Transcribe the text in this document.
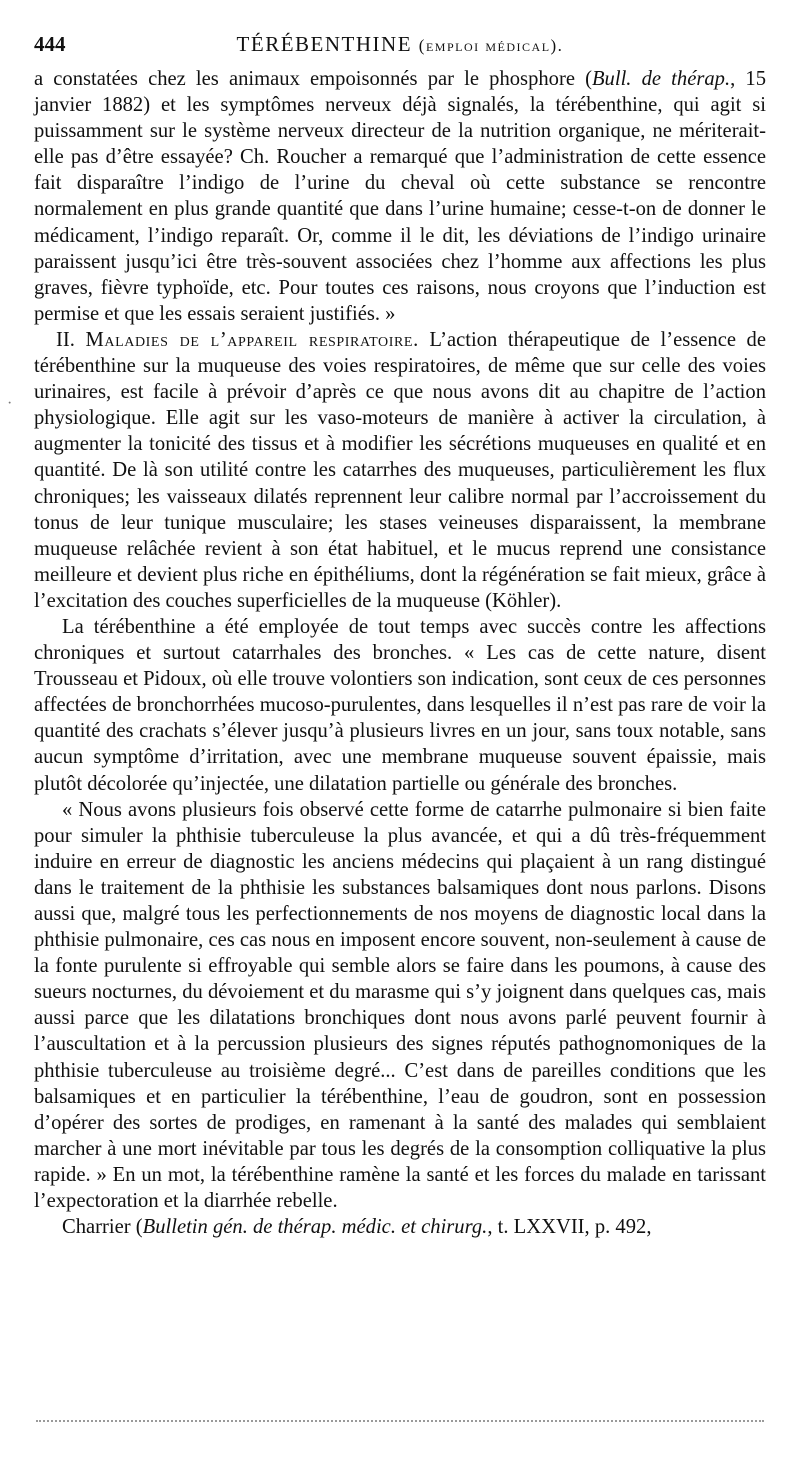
444	TÉRÉBENTHINE (emploi médical).
·

a constatées chez les animaux empoisonnés par le phosphore (Bull. de thérap., 15 janvier 1882) et les symptômes nerveux déjà signalés, la térébenthine, qui agit si puissamment sur le système nerveux directeur de la nutrition organique, ne mériterait-elle pas d’être essayée? Ch. Roucher a remarqué que l’administration de cette essence fait disparaître l’indigo de l’urine du cheval où cette substance se rencontre normalement en plus grande quantité que dans l’urine humaine; cesse-t-on de donner le médicament, l’indigo reparaît. Or, comme il le dit, les déviations de l’indigo urinaire paraissent jusqu’ici être très-souvent associées chez l’homme aux affections les plus graves, fièvre typhoïde, etc. Pour toutes ces raisons, nous croyons que l’induction est permise et que les essais seraient justifiés. »

II. Maladies de l’appareil respiratoire. L’action thérapeutique de l’essence de térébenthine sur la muqueuse des voies respiratoires, de même que sur celle des voies urinaires, est facile à prévoir d’après ce que nous avons dit au chapitre de l’action physiologique. Elle agit sur les vaso-moteurs de manière à activer la circulation, à augmenter la tonicité des tissus et à modifier les sécrétions muqueuses en qualité et en quantité. De là son utilité contre les catarrhes des muqueuses, particulièrement les flux chroniques; les vaisseaux dilatés reprennent leur calibre normal par l’accroissement du tonus de leur tunique musculaire; les stases veineuses disparaissent, la membrane muqueuse relâchée revient à son état habituel, et le mucus reprend une consistance meilleure et devient plus riche en épithéliums, dont la régénération se fait mieux, grâce à l’excitation des couches superficielles de la muqueuse (Köhler).

La térébenthine a été employée de tout temps avec succès contre les affections chroniques et surtout catarrhales des bronches. « Les cas de cette nature, disent Trousseau et Pidoux, où elle trouve volontiers son indication, sont ceux de ces personnes affectées de bronchorrhées mucoso-purulentes, dans lesquelles il n’est pas rare de voir la quantité des crachats s’élever jusqu’à plusieurs livres en un jour, sans toux notable, sans aucun symptôme d’irritation, avec une membrane muqueuse souvent épaissie, mais plutôt décolorée qu’injectée, une dilatation partielle ou générale des bronches.

« Nous avons plusieurs fois observé cette forme de catarrhe pulmonaire si bien faite pour simuler la phthisie tuberculeuse la plus avancée, et qui a dû très-fréquemment induire en erreur de diagnostic les anciens médecins qui plaçaient à un rang distingué dans le traitement de la phthisie les substances balsamiques dont nous parlons. Disons aussi que, malgré tous les perfectionnements de nos moyens de diagnostic local dans la phthisie pulmonaire, ces cas nous en imposent encore souvent, non-seulement à cause de la fonte purulente si effroyable qui semble alors se faire dans les poumons, à cause des sueurs nocturnes, du dévoiement et du marasme qui s’y joignent dans quelques cas, mais aussi parce que les dilatations bronchiques dont nous avons parlé peuvent fournir à l’auscultation et à la percussion plusieurs des signes réputés pathognomoniques de la phthisie tuberculeuse au troisième degré... C’est dans de pareilles conditions que les balsamiques et en particulier la térébenthine, l’eau de goudron, sont en possession d’opérer des sortes de prodiges, en ramenant à la santé des malades qui semblaient marcher à une mort inévitable par tous les degrés de la consomption colliquative la plus rapide. » En un mot, la térébenthine ramène la santé et les forces du malade en tarissant l’expectoration et la diarrhée rebelle.

Charrier (Bulletin gén. de thérap. médic. et chirurg., t. LXXVII, p. 492,
